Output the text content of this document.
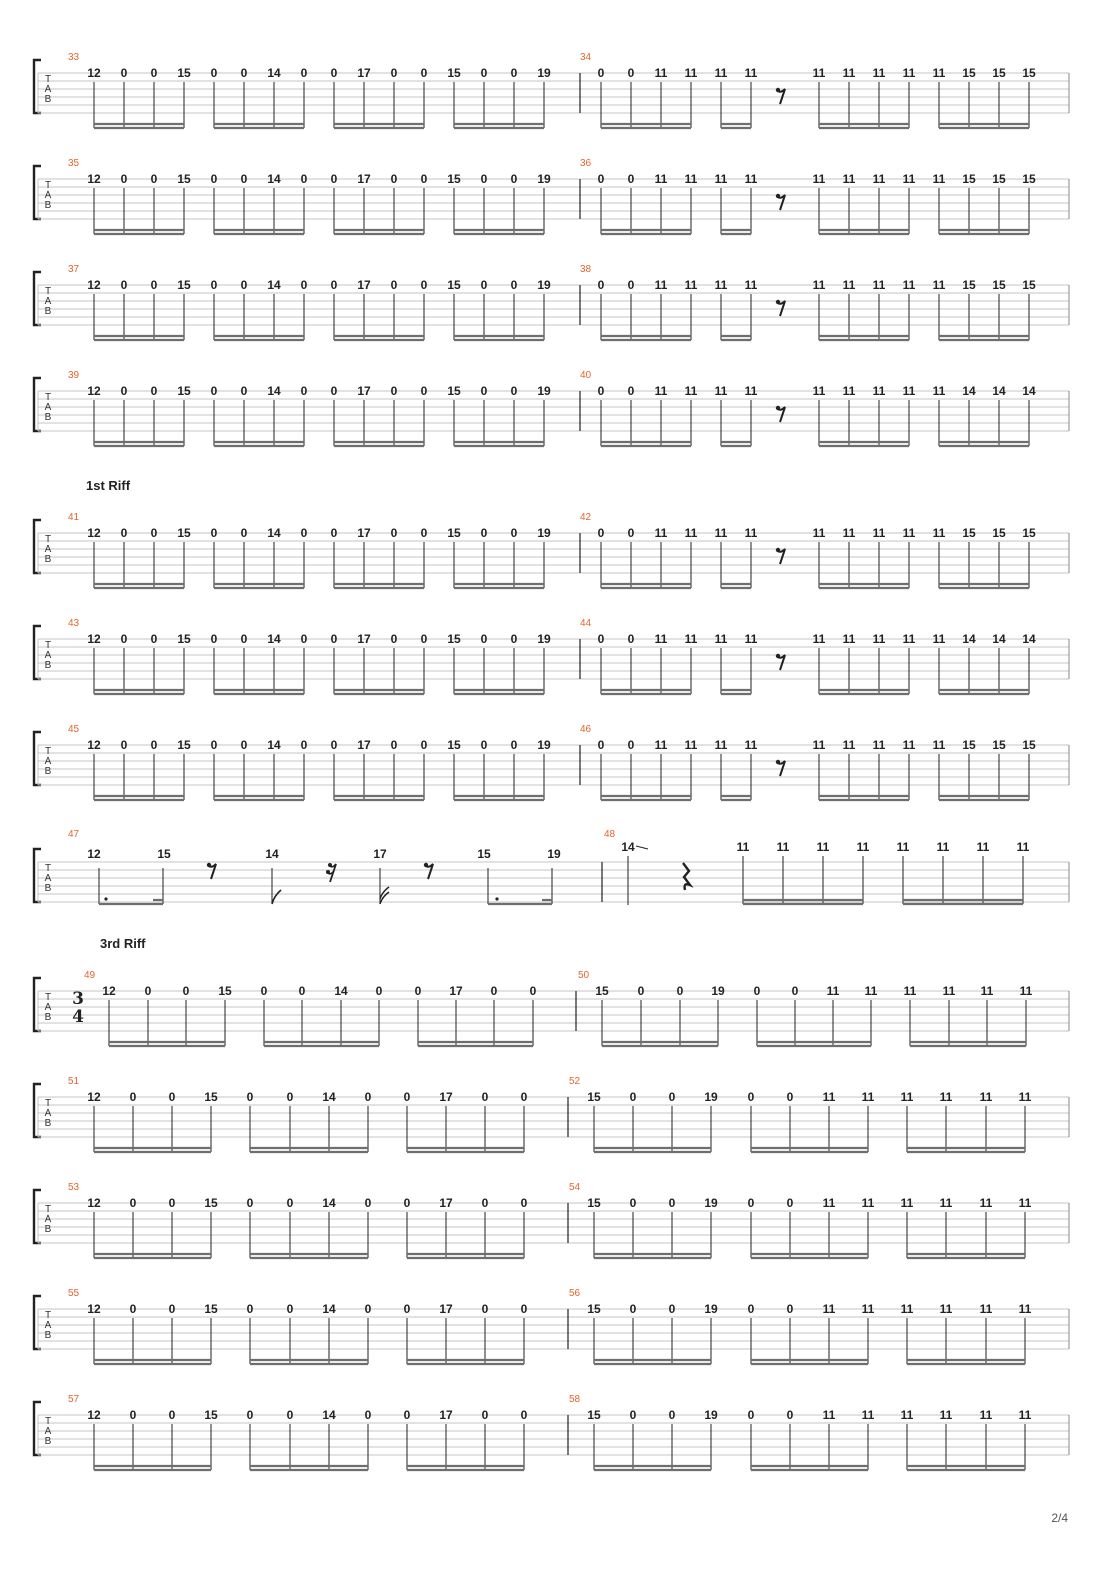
T
A
B
33	34
12 0 0 15 0 0 14 0 0 17 0 0 15 0 0 19	0 0 11 11 11 11	11 11 11 11 11 15 15 15
T
A
B
35	36
12 0 0 15 0 0 14 0 0 17 0 0 15 0 0 19	0 0 11 11 11 11	11 11 11 11 11 15 15 15
T
A
B
37	38
12 0 0 15 0 0 14 0 0 17 0 0 15 0 0 19	0 0 11 11 11 11	11 11 11 11 11 15 15 15
T
A
B
39	40
12 0 0 15 0 0 14 0 0 17 0 0 15 0 0 19	0 0 11 11 11 11	11 11 11 11 11 14 14 14
T
A
B
41	42
12 0 0 15 0 0 14 0 0 17 0 0 15 0 0 19	0 0 11 11 11 11	11 11 11 11 11 15 15 15
T
A
B
43	44
12 0 0 15 0 0 14 0 0 17 0 0 15 0 0 19	0 0 11 11 11 11	11 11 11 11 11 14 14 14
T
A
B
45	46
12 0 0 15 0 0 14 0 0 17 0 0 15 0 0 19	0 0 11 11 11 11	11 11 11 11 11 15 15 15
1st Riff
T
A
B
47	48
12	15	14	17	15	19	14	11 11 11 11 11 11 11 11
3rd Riff
T
A
B
49	50
3
4
12 0	0 15 0	0 14 0	0 17 0	0	15 0	0 19 0	0 11 11 11 11 11 11
T
A
B
51	52
12 0	0 15 0	0 14 0	0 17 0	0	15 0	0 19 0	0 11 11 11 11 11 11
T
A
B
53	54
12 0	0 15 0	0 14 0	0 17 0	0	15 0	0 19 0	0 11 11 11 11 11 11
T
A
B
55	56
12 0	0 15 0	0 14 0	0 17 0	0	15 0	0 19 0	0 11 11 11 11 11 11
T
A
B
57	58
12 0	0 15 0	0 14 0	0 17 0	0	15 0	0 19 0	0 11 11 11 11 11 11
2/4
